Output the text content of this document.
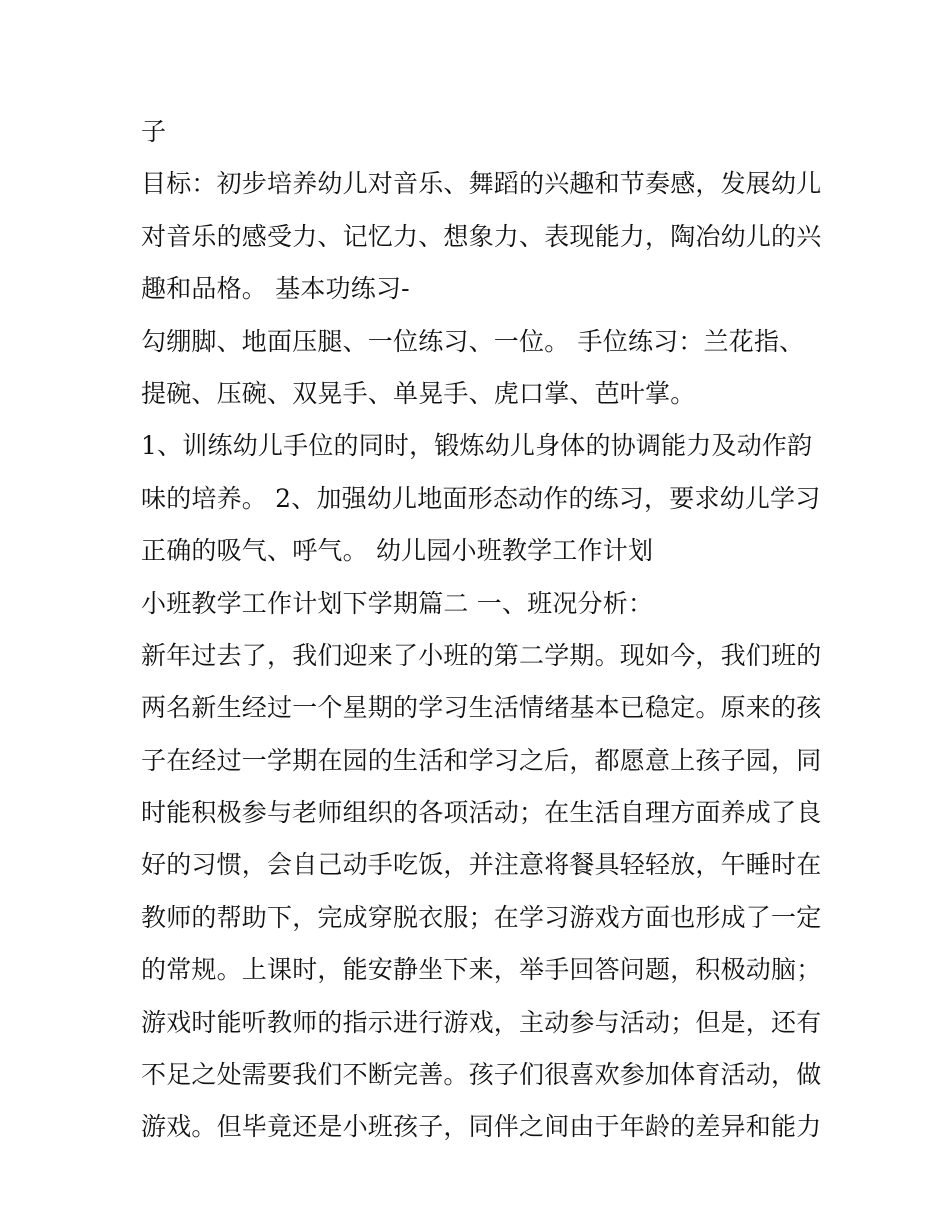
子
目标：初步培养幼儿对音乐、舞蹈的兴趣和节奏感，发展幼儿
对音乐的感受力、记忆力、想象力、表现能力，陶冶幼儿的兴
趣和品格。 基本功练习-
勾绷脚、地面压腿、一位练习、一位。 手位练习：兰花指、
提碗、压碗、双晃手、单晃手、虎口掌、芭叶掌。
1、训练幼儿手位的同时，锻炼幼儿身体的协调能力及动作韵
味的培养。 2、加强幼儿地面形态动作的练习，要求幼儿学习
正确的吸气、呼气。 幼儿园小班教学工作计划
小班教学工作计划下学期篇二 一、班况分析：
新年过去了，我们迎来了小班的第二学期。现如今，我们班的
两名新生经过一个星期的学习生活情绪基本已稳定。原来的孩
子在经过一学期在园的生活和学习之后，都愿意上孩子园，同
时能积极参与老师组织的各项活动；在生活自理方面养成了良
好的习惯，会自己动手吃饭，并注意将餐具轻轻放，午睡时在
教师的帮助下，完成穿脱衣服；在学习游戏方面也形成了一定
的常规。上课时，能安静坐下来，举手回答问题，积极动脑；
游戏时能听教师的指示进行游戏，主动参与活动；但是，还有
不足之处需要我们不断完善。孩子们很喜欢参加体育活动，做
游戏。但毕竟还是小班孩子，同伴之间由于年龄的差异和能力
